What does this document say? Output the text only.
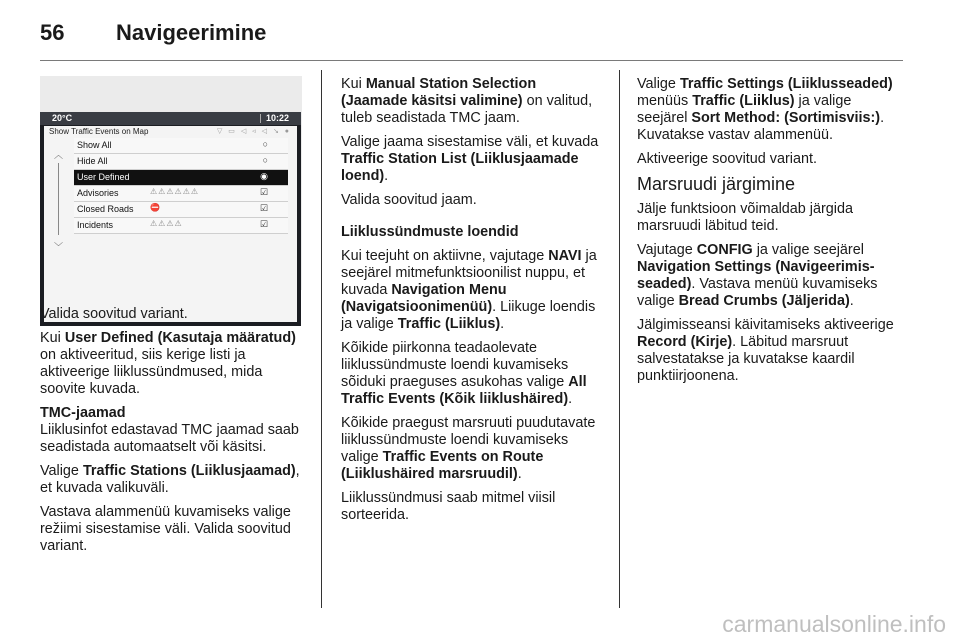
56	Navigeerimine
20°C	10:22
Show Traffic Events on Map	▽ ▭ ◁ ◃ ◁ ↘ ●
︿
﹀
Show All	○
Hide All	○
User Defined	◉
Advisories	⚠⚠⚠⚠⚠⚠	☑
Closed Roads ⛔	☑
Incidents	⚠⚠⚠⚠	☑

Valida soovitud variant.

Kui User Defined (Kasutaja määratud) on aktiveeritud, siis kerige listi ja aktiveerige liiklussündmused, mida soovite kuvada.

TMC-jaamad

Liiklusinfot edastavad TMC jaamad saab seadistada automaatselt või käsitsi.

Valige Traffic Stations (Liiklusjaamad), et kuvada valikuväli.

Vastava alammenüü kuvamiseks valige režiimi sisestamise väli. Valida soovitud variant.

Kui Manual Station Selection (Jaamade käsitsi valimine) on valitud, tuleb seadistada TMC jaam.

Valige jaama sisestamise väli, et kuvada Traffic Station List (Liiklusjaamade loend).

Valida soovitud jaam.

Liiklussündmuste loendid

Kui teejuht on aktiivne, vajutage NAVI ja seejärel mitmefunktsioonilist nuppu, et kuvada Navigation Menu (Navigatsioonimenüü). Liikuge loendis ja valige Traffic (Liiklus).

Kõikide piirkonna teadaolevate liiklussündmuste loendi kuvamiseks sõiduki praeguses asukohas valige All Traffic Events (Kõik liiklushäired).

Kõikide praegust marsruuti puudutavate liiklussündmuste loendi kuvamiseks valige Traffic Events on Route (Liiklushäired marsruudil).

Liiklussündmusi saab mitmel viisil sorteerida.

Valige Traffic Settings (Liiklusseaded) menüüs Traffic (Liiklus) ja valige seejärel Sort Method: (Sortimisviis:). Kuvatakse vastav alammenüü.

Aktiveerige soovitud variant.

Marsruudi järgimine

Jälje funktsioon võimaldab järgida marsruudi läbitud teid.

Vajutage CONFIG ja valige seejärel Navigation Settings (Navigeerimis-seaded). Vastava menüü kuvamiseks valige Bread Crumbs (Jäljerida).

Jälgimisseansi käivitamiseks aktiveerige Record (Kirje). Läbitud marsruut salvestatakse ja kuvatakse kaardil punktiirjoonena.

carmanualsonline.info
